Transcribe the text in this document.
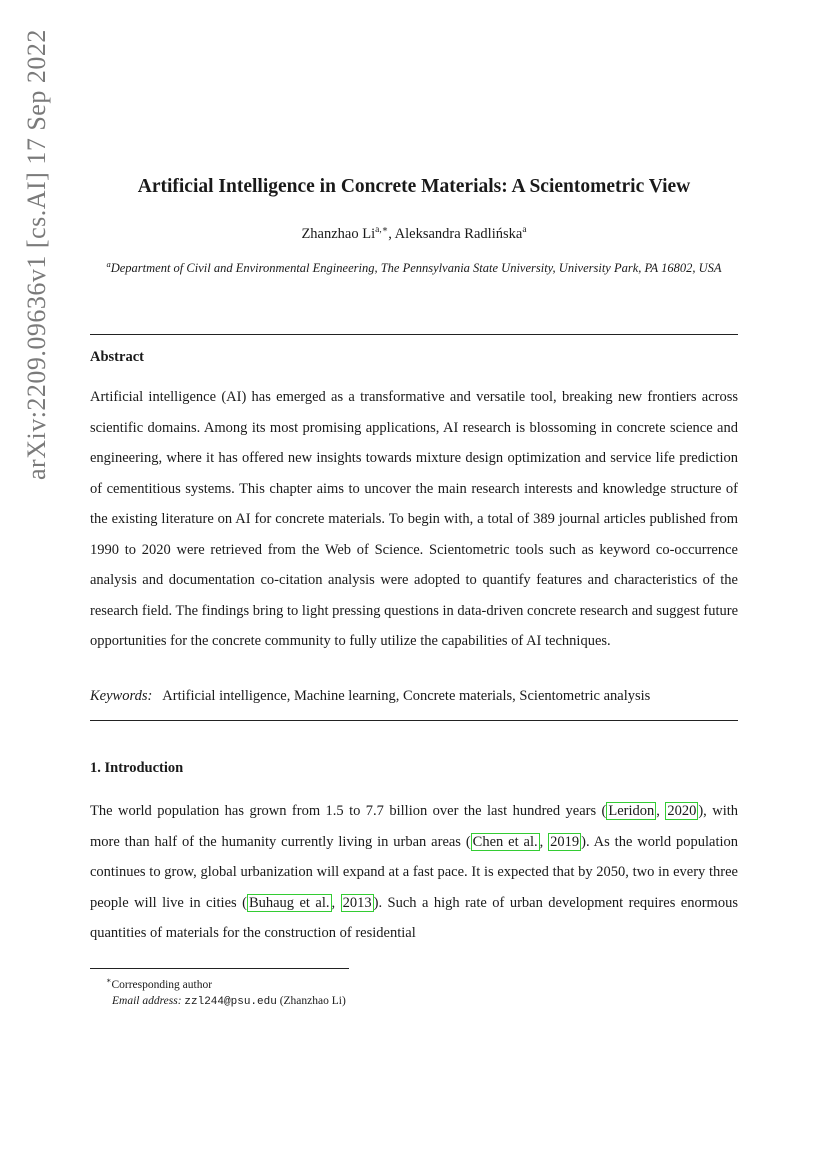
arXiv:2209.09636v1 [cs.AI] 17 Sep 2022	Artificial Intelligence in Concrete Materials: A Scientometric View
Zhanzhao $Li^{a,∗}$, Aleksandra Radlińska$^a$
$^a$Department of Civil and Environmental Engineering, The Pennsylvania State University, University Park, PA 16802, USA
Abstract
Artificial intelligence (AI) has emerged as a transformative and versatile tool, breaking new frontiers across scientific domains. Among its most promising applications, AI research is blossoming in concrete science and engineering, where it has offered new insights towards mixture design optimization and service life prediction of cementitious systems. This chapter aims to uncover the main research interests and knowledge structure of the existing literature on AI for concrete materials. To begin with, a total of 389 journal articles published from 1990 to 2020 were retrieved from the Web of Science. Scientometric tools such as keyword co-occurrence analysis and documentation co-citation analysis were adopted to quantify features and characteristics of the research field. The findings bring to light pressing questions in data-driven concrete research and suggest future opportunities for the concrete community to fully utilize the capabilities of AI techniques.
Keywords: Artificial intelligence, Machine learning, Concrete materials, Scientometric analysis
1. Introduction
The world population has grown from 1.5 to 7.7 billion over the last hundred years ( Leridon , 2020 ), with more than half of the humanity currently living in urban areas ( Chen et al. , 2019 ). As the world population continues to grow, global urbanization will expand at a fast pace. It is expected that by 2050, two in every three people will live in cities ( Buhaug et al. , 2013 ). Such a high rate of urban development requires enormous quantities of materials for the construction of residential
∗Corresponding author
Email address: zzl244@psu.edu (Zhanzhao Li)
